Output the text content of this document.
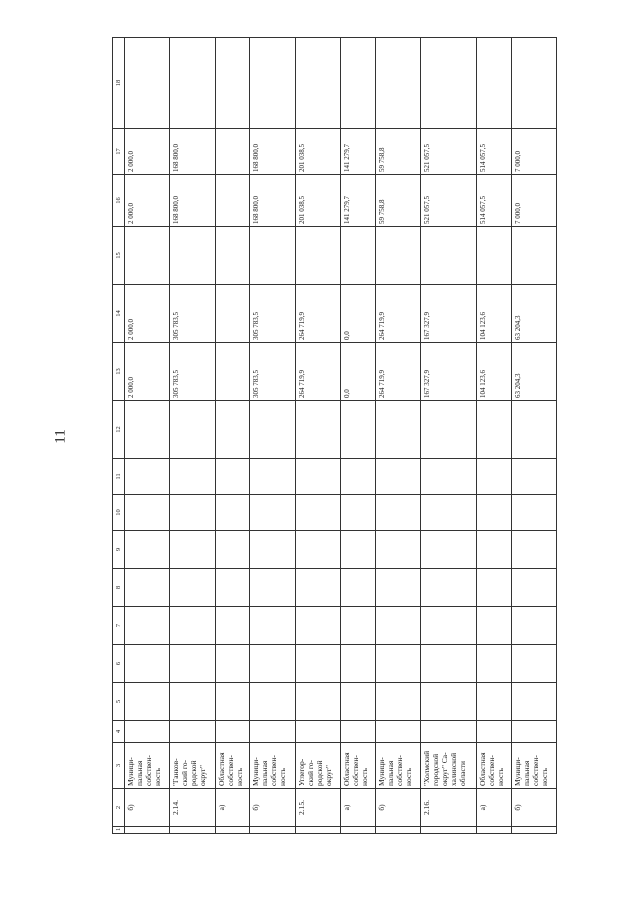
11
1	2	3	4	5	6	7	8	9	10	11	12	13	14	15	16	17	18
	б)	Муници-пальная собствен-ность										2 000,0	2 000,0		2 000,0	2 000,0	
	2.14.	"Ганков-ский го-родской округ"										305 783,5	305 783,5		168 800,0	168 800,0	
	а)	Областная собствен-ность															
	б)	Муници-пальная собствен-ность										305 783,5	305 783,5		168 800,0	168 800,0	
	2.15.	Углегор-ский го-родской округ"										264 719,9	264 719,9		201 038,5	201 038,5	
	а)	Областная собствен-ность										0,0	0,0		141 279,7	141 279,7	
	б)	Муници-пальная собствен-ность										264 719,9	264 719,9		59 758,8	59 758,8	
	2.16.	"Холмский городской округ" Са-халинской области										167 327,9	167 327,9		521 057,5	521 057,5	
	а)	Областная собствен-ность										104 123,6	104 123,6		514 057,5	514 057,5	
	б)	Муници-пальная собствен-ность										63 204,3	63 204,3		7 000,0	7 000,0	
